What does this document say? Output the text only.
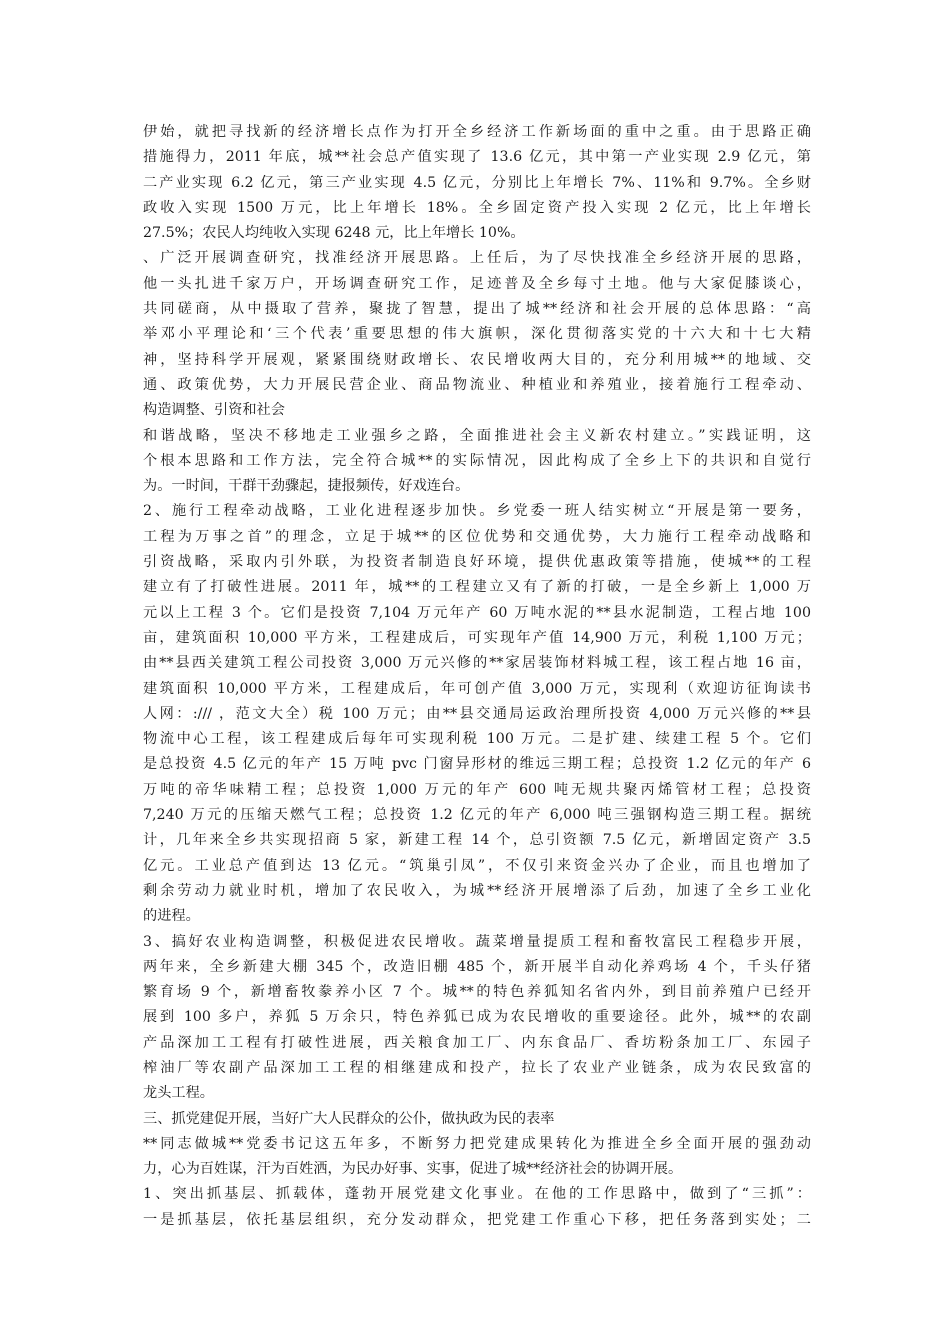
伊始，就把寻找新的经济增长点作为打开全乡经济工作新场面的重中之重。由于思路正确
措施得力，2011 年底，城**社会总产值实现了 13.6 亿元，其中第一产业实现 2.9 亿元，第
二产业实现 6.2 亿元，第三产业实现 4.5 亿元，分别比上年增长 7%、11%和 9.7%。全乡财
政收入实现 1500 万元，比上年增长 18%。全乡固定资产投入实现 2 亿元，比上年增长
27.5%；农民人均纯收入实现 6248 元，比上年增长 10%。
、广泛开展调查研究，找准经济开展思路。上任后，为了尽快找准全乡经济开展的思路，
他一头扎进千家万户，开场调查研究工作，足迹普及全乡每寸土地。他与大家促膝谈心，
共同磋商，从中摄取了营养，聚拢了智慧，提出了城**经济和社会开展的总体思路：“高
举邓小平理论和‘三个代表’重要思想的伟大旗帜，深化贯彻落实党的十六大和十七大精
神，坚持科学开展观，紧紧围绕财政增长、农民增收两大目的，充分利用城**的地域、交
通、政策优势，大力开展民营企业、商品物流业、种植业和养殖业，接着施行工程牵动、
构造调整、引资和社会
和谐战略，坚决不移地走工业强乡之路，全面推进社会主义新农村建立。”实践证明，这
个根本思路和工作方法，完全符合城**的实际情况，因此构成了全乡上下的共识和自觉行
为。一时间，干群干劲骤起，捷报频传，好戏连台。
2、施行工程牵动战略，工业化进程逐步加快。乡党委一班人结实树立“开展是第一要务，
工程为万事之首”的理念，立足于城**的区位优势和交通优势，大力施行工程牵动战略和
引资战略，采取内引外联，为投资者制造良好环境，提供优惠政策等措施，使城**的工程
建立有了打破性进展。2011 年，城**的工程建立又有了新的打破，一是全乡新上 1,000 万
元以上工程 3 个。它们是投资 7,104 万元年产 60 万吨水泥的**县水泥制造，工程占地 100
亩，建筑面积 10,000 平方米，工程建成后，可实现年产值 14,900 万元，利税 1,100 万元；
由**县西关建筑工程公司投资 3,000 万元兴修的**家居装饰材料城工程，该工程占地 16 亩，
建筑面积 10,000 平方米，工程建成后，年可创产值 3,000 万元，实现利（欢迎访征询读书
人网：:/// ，范文大全）税 100 万元；由**县交通局运政治理所投资 4,000 万元兴修的**县
物流中心工程，该工程建成后每年可实现利税 100 万元。二是扩建、续建工程 5 个。它们
是总投资 4.5 亿元的年产 15 万吨 pvc 门窗异形材的维远三期工程；总投资 1.2 亿元的年产 6
万吨的帝华味精工程；总投资 1,000 万元的年产 600 吨无规共聚丙烯管材工程；总投资
7,240 万元的压缩天燃气工程；总投资 1.2 亿元的年产 6,000 吨三强钢构造三期工程。据统
计，几年来全乡共实现招商 5 家，新建工程 14 个，总引资额 7.5 亿元，新增固定资产 3.5
亿元。工业总产值到达 13 亿元。“筑巢引凤”，不仅引来资金兴办了企业，而且也增加了
剩余劳动力就业时机，增加了农民收入，为城**经济开展增添了后劲，加速了全乡工业化
的进程。
3、搞好农业构造调整，积极促进农民增收。蔬菜增量提质工程和畜牧富民工程稳步开展，
两年来，全乡新建大棚 345 个，改造旧棚 485 个，新开展半自动化养鸡场 4 个，千头仔猪
繁育场 9 个，新增畜牧豢养小区 7 个。城**的特色养狐知名省内外，到目前养殖户已经开
展到 100 多户，养狐 5 万余只，特色养狐已成为农民增收的重要途径。此外，城**的农副
产品深加工工程有打破性进展，西关粮食加工厂、内东食品厂、香坊粉条加工厂、东园子
榨油厂等农副产品深加工工程的相继建成和投产，拉长了农业产业链条，成为农民致富的
龙头工程。
三、抓党建促开展，当好广大人民群众的公仆，做执政为民的表率
**同志做城**党委书记这五年多，不断努力把党建成果转化为推进全乡全面开展的强劲动
力，心为百姓谋，汗为百姓洒，为民办好事、实事，促进了城**经济社会的协调开展。
1、突出抓基层、抓载体，蓬勃开展党建文化事业。在他的工作思路中，做到了“三抓”：
一是抓基层，依托基层组织，充分发动群众，把党建工作重心下移，把任务落到实处；二
